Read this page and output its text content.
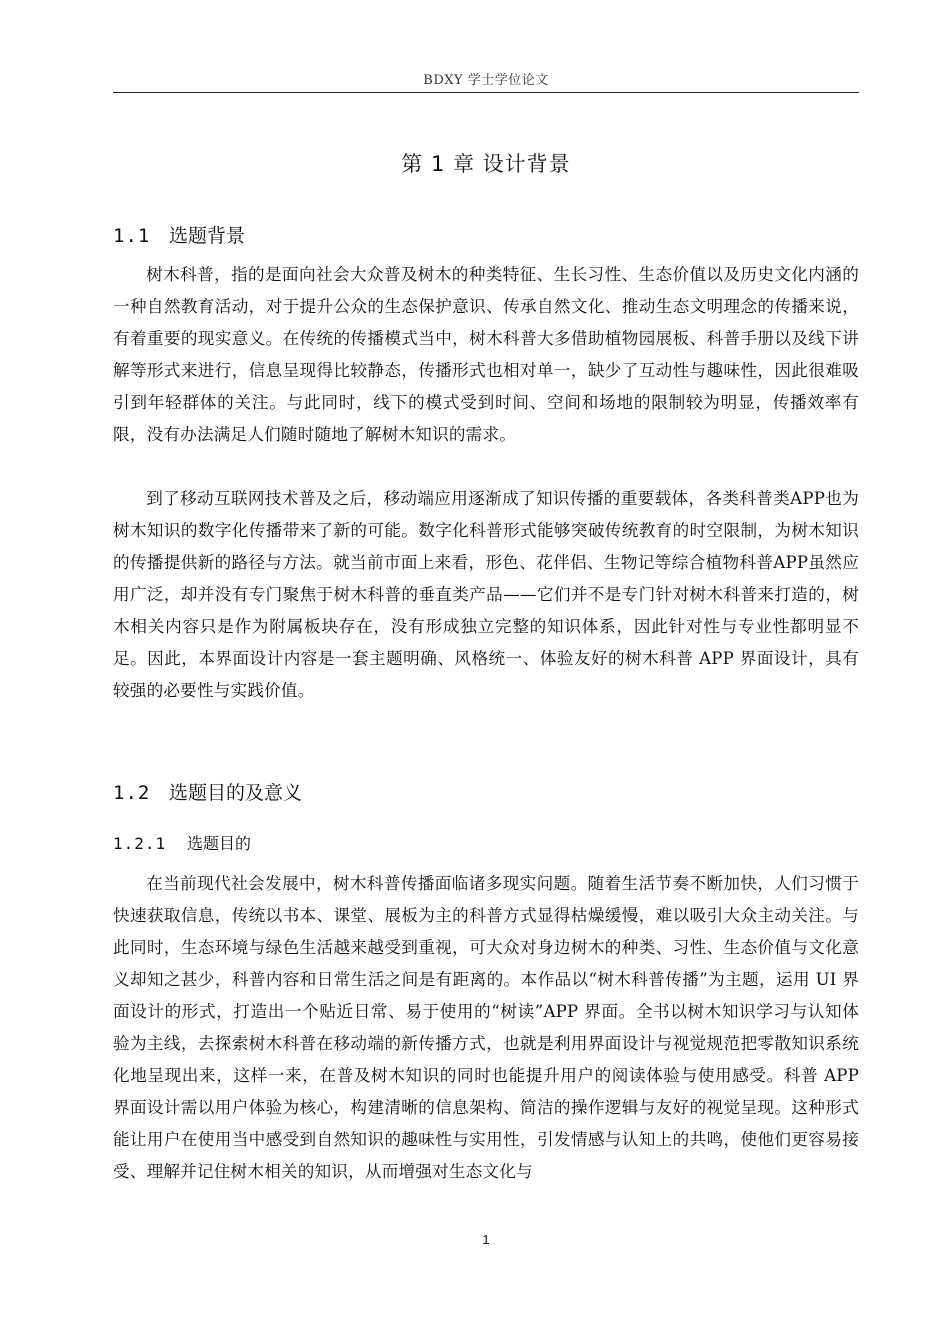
BDXY 学士学位论文
第 1 章 设计背景
1.1 选题背景

树木科普，指的是面向社会大众普及树木的种类特征、生长习性、生态价值以及历史文化内涵的一种自然教育活动，对于提升公众的生态保护意识、传承自然文化、推动生态文明理念的传播来说，有着重要的现实意义。在传统的传播模式当中，树木科普大多借助植物园展板、科普手册以及线下讲解等形式来进行，信息呈现得比较静态，传播形式也相对单一，缺少了互动性与趣味性，因此很难吸引到年轻群体的关注。与此同时，线下的模式受到时间、空间和场地的限制较为明显，传播效率有限，没有办法满足人们随时随地了解树木知识的需求。

到了移动互联网技术普及之后，移动端应用逐渐成了知识传播的重要载体，各类科普类APP也为树木知识的数字化传播带来了新的可能。数字化科普形式能够突破传统教育的时空限制，为树木知识的传播提供新的路径与方法。就当前市面上来看，形色、花伴侣、生物记等综合植物科普APP虽然应用广泛，却并没有专门聚焦于树木科普的垂直类产品——它们并不是专门针对树木科普来打造的，树木相关内容只是作为附属板块存在，没有形成独立完整的知识体系，因此针对性与专业性都明显不足。因此，本界面设计内容是一套主题明确、风格统一、体验友好的树木科普 APP 界面设计，具有较强的必要性与实践价值。

1.2 选题目的及意义
1.2.1 选题目的

在当前现代社会发展中，树木科普传播面临诸多现实问题。随着生活节奏不断加快，人们习惯于快速获取信息，传统以书本、课堂、展板为主的科普方式显得枯燥缓慢，难以吸引大众主动关注。与此同时，生态环境与绿色生活越来越受到重视，可大众对身边树木的种类、习性、生态价值与文化意义却知之甚少，科普内容和日常生活之间是有距离的。本作品以“树木科普传播”为主题，运用 UI 界面设计的形式，打造出一个贴近日常、易于使用的“树读”APP 界面。全书以树木知识学习与认知体验为主线，去探索树木科普在移动端的新传播方式，也就是利用界面设计与视觉规范把零散知识系统化地呈现出来，这样一来，在普及树木知识的同时也能提升用户的阅读体验与使用感受。科普 APP 界面设计需以用户体验为核心，构建清晰的信息架构、简洁的操作逻辑与友好的视觉呈现。这种形式能让用户在使用当中感受到自然知识的趣味性与实用性，引发情感与认知上的共鸣，使他们更容易接受、理解并记住树木相关的知识，从而增强对生态文化与

1
